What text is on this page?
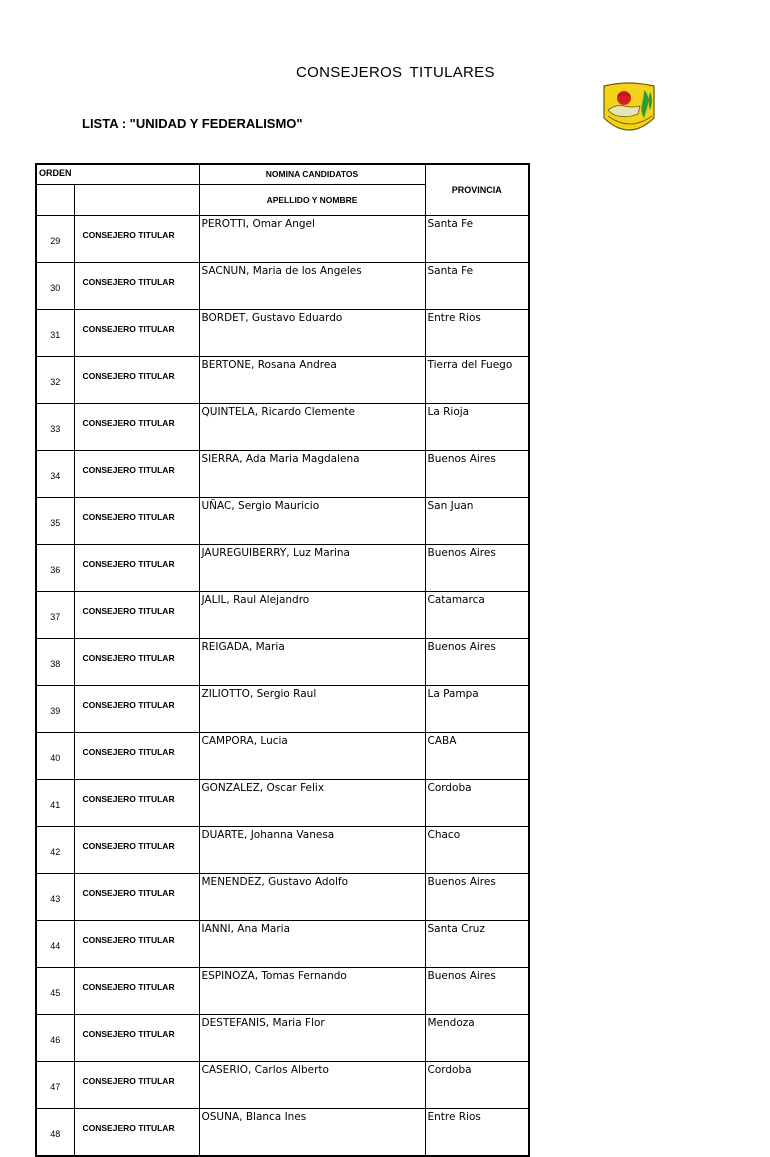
CONSEJEROS TITULARES
LISTA : "UNIDAD Y FEDERALISMO"
ORDEN		NOMINA CANDIDATOS	PROVINCIA
		APELLIDO Y NOMBRE	
29	CONSEJERO TITULAR	PEROTTI, Omar Angel	Santa Fe
30	CONSEJERO TITULAR	SACNUN, Maria de los Angeles	Santa Fe
31	CONSEJERO TITULAR	BORDET, Gustavo Eduardo	Entre Rios
32	CONSEJERO TITULAR	BERTONE, Rosana Andrea	Tierra del Fuego
33	CONSEJERO TITULAR	QUINTELA, Ricardo Clemente	La Rioja
34	CONSEJERO TITULAR	SIERRA, Ada Maria Magdalena	Buenos Aires
35	CONSEJERO TITULAR	UÑAC, Sergio Mauricio	San Juan
36	CONSEJERO TITULAR	JAUREGUIBERRY, Luz Marina	Buenos Aires
37	CONSEJERO TITULAR	JALIL, Raul Alejandro	Catamarca
38	CONSEJERO TITULAR	REIGADA, Maria	Buenos Aires
39	CONSEJERO TITULAR	ZILIOTTO, Sergio Raul	La Pampa
40	CONSEJERO TITULAR	CAMPORA, Lucia	CABA
41	CONSEJERO TITULAR	GONZALEZ, Oscar Felix	Cordoba
42	CONSEJERO TITULAR	DUARTE, Johanna Vanesa	Chaco
43	CONSEJERO TITULAR	MENENDEZ, Gustavo Adolfo	Buenos Aires
44	CONSEJERO TITULAR	IANNI, Ana Maria	Santa Cruz
45	CONSEJERO TITULAR	ESPINOZA, Tomas Fernando	Buenos Aires
46	CONSEJERO TITULAR	DESTEFANIS, Maria Flor	Mendoza
47	CONSEJERO TITULAR	CASERIO, Carlos Alberto	Cordoba
48	CONSEJERO TITULAR	OSUNA, Blanca Ines	Entre Rios
